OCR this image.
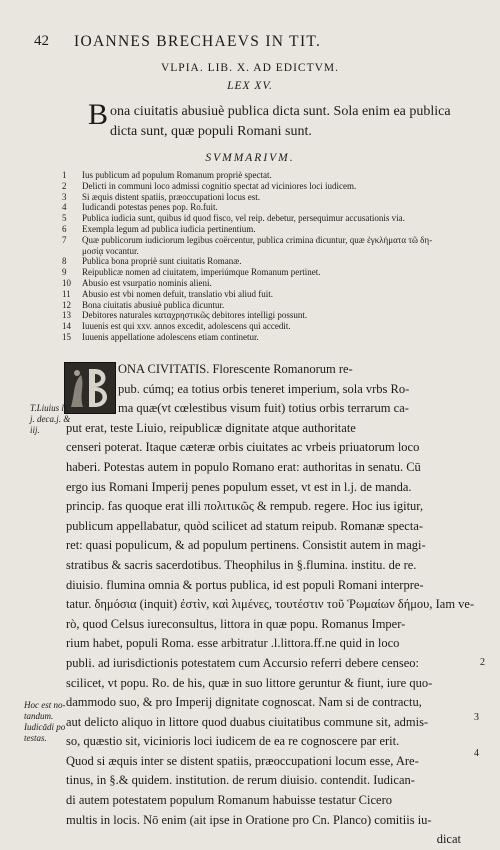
42 IOANNES BRECHAEVS IN TIT.
VLPIA. LIB. X. AD EDICTVM.
LEX XV.
B ona ciuitatis abusiuè publica dicta sunt. Sola enim ea publica
dicta sunt, quæ populi Romani sunt.
SVMMARIVM.
1	Ius publicum ad populum Romanum propriè spectat.
2	Delicti in communi loco admissi cognitio spectat ad viciniores loci iudicem.
3	Si æquis distent spatiis, præoccupationi locus est.
4	Iudicandi potestas penes pop. Ro.fuit.
5	Publica iudicia sunt, quibus id quod fisco, vel reip. debetur, persequimur accusationis via.
6	Exempla legum ad publica iudicia pertinentium.
7	Quæ publicorum iudiciorum legibus coërcentur, publica crimina dicuntur, quæ ἐγκλήματα τῶ δη-
μοσίᾳ vocantur.
8	Publica bona propriè sunt ciuitatis Romanæ.
9	Reipublicæ nomen ad ciuitatem, imperiúmque Romanum pertinet.
10	Abusio est vsurpatio nominis alieni.
11	Abusio est vbi nomen defuit, translatio vbi aliud fuit.
12	Bona ciuitatis abusiuè publica dicuntur.
13	Debitores naturales καταχρηστικῶς debitores intelligi possunt.
14	Iuuenis est qui xxv. annos excedit, adolescens qui accedit.
15	Iuuenis appellatione adolescens etiam continetur.
ONA CIVITATIS. Florescente Romanorum re-
pub. cúmq; ea totius orbis teneret imperium, sola vrbs Ro-
ma quæ(vt cœlestibus visum fuit) totius orbis terrarum ca-
put erat, teste Liuio, reipublicæ dignitate atque authoritate
censeri poterat. Itaque cæteræ orbis ciuitates ac vrbeis priuatorum loco
haberi. Potestas autem in populo Romano erat: authoritas in senatu. Cū
ergo ius Romani Imperij penes populum esset, vt est in l.j. de manda.
princip. fas quoque erat illi πολιτικῶς & rempub. regere. Hoc ius igitur,
publicum appellabatur, quòd scilicet ad statum reipub. Romanæ specta-
ret: quasi populicum, & ad populum pertinens. Consistit autem in magi-
stratibus & sacris sacerdotibus. Theophilus in §.flumina. institu. de re.
diuisio. flumina omnia & portus publica, id est populi Romani interpre-
tatur. δημόσια (inquit) ἐστὶν, καὶ λιμένες, τουτέστιν τοῦ Ῥωμαίων δήμου, Iam ve-
rò, quod Celsus iureconsultus, littora in quæ popu. Romanus Imper-
rium habet, populi Roma. esse arbitratur .l.littora.ff.ne quid in loco
publi. ad iurisdictionis potestatem cum Accursio referri debere censeo:
scilicet, vt popu. Ro. de his, quæ in suo littore geruntur & fiunt, iure quo-
dammodo suo, & pro Imperij dignitate cognoscat. Nam si de contractu,
aut delicto aliquo in littore quod duabus ciuitatibus commune sit, admis-
so, quæstio sit, vicinioris loci iudicem de ea re cognoscere par erit.
Quod si æquis inter se distent spatiis, præoccupationi locum esse, Are-
tinus, in §.& quidem. institution. de rerum diuisio. contendit. Iudican-
di autem potestatem populum Romanum habuisse testatur Cicero
multis in locis. Nō enim (ait ipse in Oratione pro Cn. Planco) comitiis iu-
dicat
T.Liuius li.
j. deca.j. &
iij.
Hoc est no-
tandum.
Iudicādi po
testas.
2
3
4
